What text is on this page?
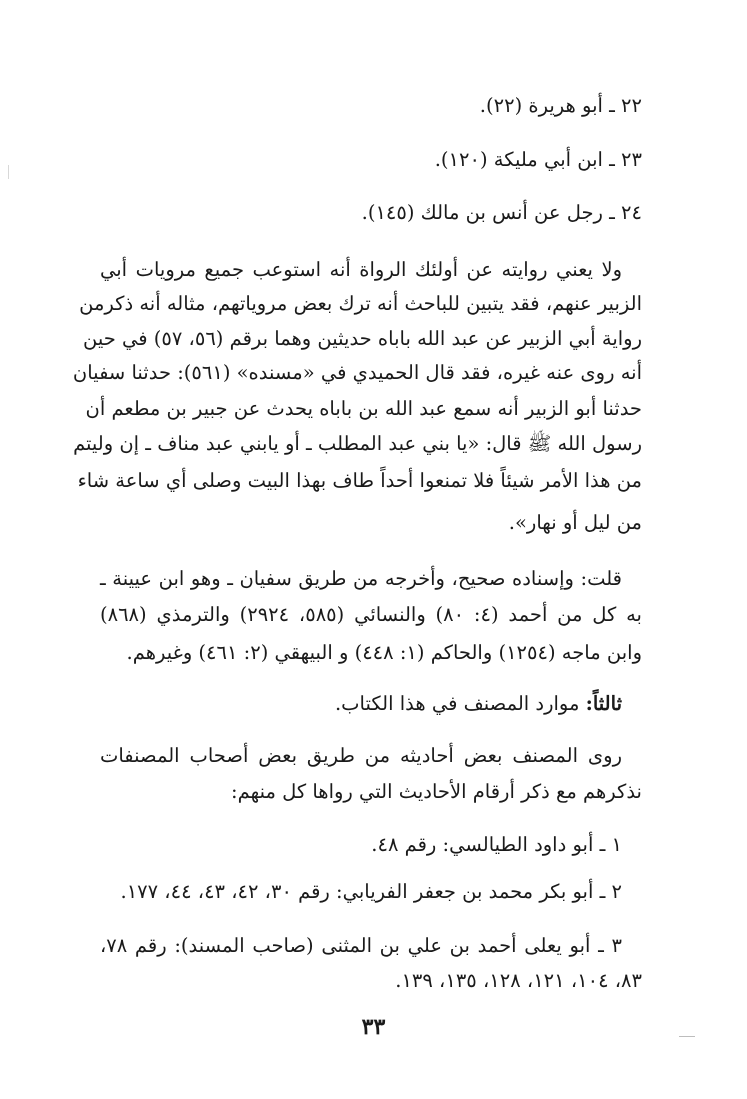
٢٢ ـ أبو هريرة (٢٢).
٢٣ ـ ابن أبي مليكة (١٢٠).
٢٤ ـ رجل عن أنس بن مالك (١٤٥).
ولا يعني روايته عن أولئك الرواة أنه استوعب جميع مرويات أبي
الزبير عنهم، فقد يتبين للباحث أنه ترك بعض مروياتهم، مثاله أنه ذكرمن
رواية أبي الزبير عن عبد الله باباه حديثين وهما برقم (٥٦، ٥٧) في حين
أنه روى عنه غيره، فقد قال الحميدي في «مسنده» (٥٦١): حدثنا سفيان
حدثنا أبو الزبير أنه سمع عبد الله بن باباه يحدث عن جبير بن مطعم أن
رسول الله ﷺ قال: «يا بني عبد المطلب ـ أو يابني عبد مناف ـ إن وليتم
من هذا الأمر شيئاً فلا تمنعوا أحداً طاف بهذا البيت وصلى أي ساعة شاء
من ليل أو نهار».
قلت: وإسناده صحيح، وأخرجه من طريق سفيان ـ وهو ابن عيينة ـ
به كل من أحمد (٤: ٨٠) والنسائي (٥٨٥، ٢٩٢٤) والترمذي (٨٦٨)
وابن ماجه (١٢٥٤) والحاكم (١: ٤٤٨) و البيهقي (٢: ٤٦١) وغيرهم.
ثالثاً: موارد المصنف في هذا الكتاب.
روى المصنف بعض أحاديثه من طريق بعض أصحاب المصنفات
نذكرهم مع ذكر أرقام الأحاديث التي رواها كل منهم:
١ ـ أبو داود الطيالسي: رقم ٤٨.
٢ ـ أبو بكر محمد بن جعفر الفريابي: رقم ٣٠، ٤٢، ٤٣، ٤٤، ١٧٧.
٣ ـ أبو يعلى أحمد بن علي بن المثنى (صاحب المسند): رقم ٧٨،
٨٣، ١٠٤، ١٢١، ١٢٨، ١٣٥، ١٣٩.
٣٣
